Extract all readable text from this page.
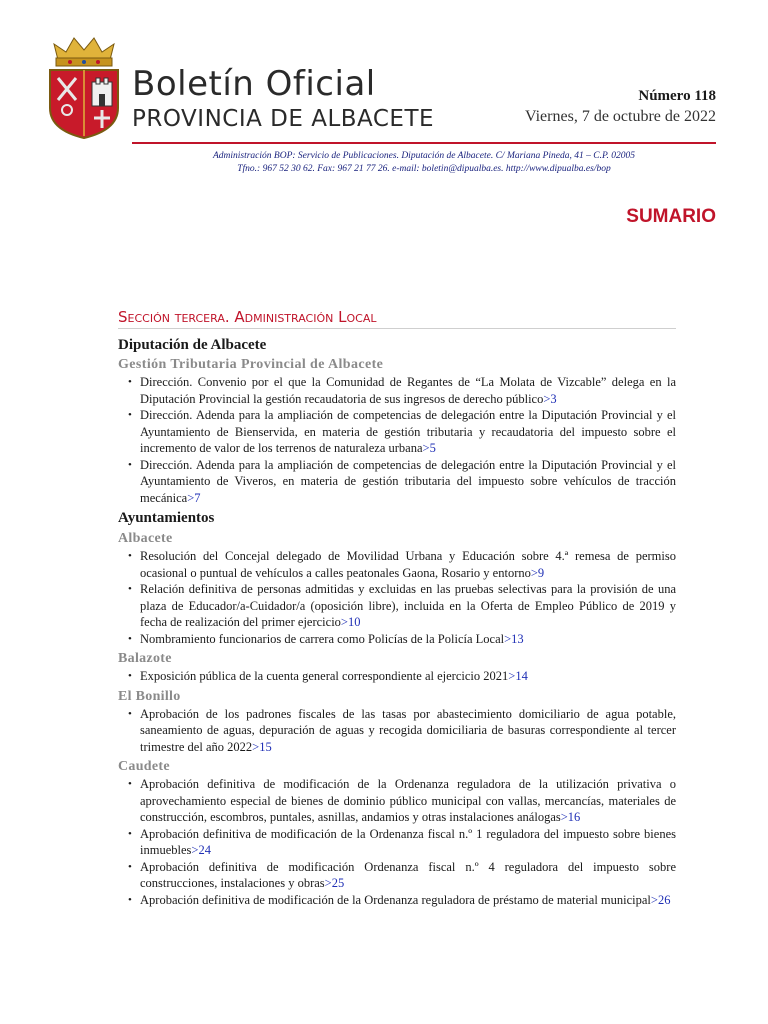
Boletín Oficial
PROVINCIA DE ALBACETE
Número 118
Viernes, 7 de octubre de 2022
Administración BOP: Servicio de Publicaciones. Diputación de Albacete. C/ Mariana Pineda, 41 – C.P. 02005
Tfno.: 967 52 30 62. Fax: 967 21 77 26. e-mail: boletin@dipualba.es. http://www.dipualba.es/bop
SUMARIO
Sección tercera. Administración Local
Diputación de Albacete
Gestión Tributaria Provincial de Albacete
• Dirección. Convenio por el que la Comunidad de Regantes de “La Molata de Vizcable” delega en la Diputación Provincial la gestión recaudatoria de sus ingresos de derecho público > 3
• Dirección. Adenda para la ampliación de competencias de delegación entre la Diputación Provincial y el Ayuntamiento de Bienservida, en materia de gestión tributaria y recaudatoria del impuesto sobre el incremento de valor de los terrenos de naturaleza urbana > 5
• Dirección. Adenda para la ampliación de competencias de delegación entre la Diputación Provincial y el Ayuntamiento de Viveros, en materia de gestión tributaria del impuesto sobre vehículos de tracción mecánica > 7
Ayuntamientos
Albacete
• Resolución del Concejal delegado de Movilidad Urbana y Educación sobre 4.ª remesa de permiso ocasional o puntual de vehículos a calles peatonales Gaona, Rosario y entorno > 9
• Relación definitiva de personas admitidas y excluidas en las pruebas selectivas para la provisión de una plaza de Educador/a-Cuidador/a (oposición libre), incluida en la Oferta de Empleo Público de 2019 y fecha de realización del primer ejercicio > 10
• Nombramiento funcionarios de carrera como Policías de la Policía Local > 13
Balazote
• Exposición pública de la cuenta general correspondiente al ejercicio 2021 > 14
El Bonillo
• Aprobación de los padrones fiscales de las tasas por abastecimiento domiciliario de agua potable, saneamiento de aguas, depuración de aguas y recogida domiciliaria de basuras correspondiente al tercer trimestre del año 2022 > 15
Caudete
• Aprobación definitiva de modificación de la Ordenanza reguladora de la utilización privativa o aprovechamiento especial de bienes de dominio público municipal con vallas, mercancías, materiales de construcción, escombros, puntales, asnillas, andamios y otras instalaciones análogas > 16
• Aprobación definitiva de modificación de la Ordenanza fiscal n.º 1 reguladora del impuesto sobre bienes inmuebles > 24
• Aprobación definitiva de modificación Ordenanza fiscal n.º 4 reguladora del impuesto sobre construcciones, instalaciones y obras > 25
• Aprobación definitiva de modificación de la Ordenanza reguladora de préstamo de material municipal > 26
